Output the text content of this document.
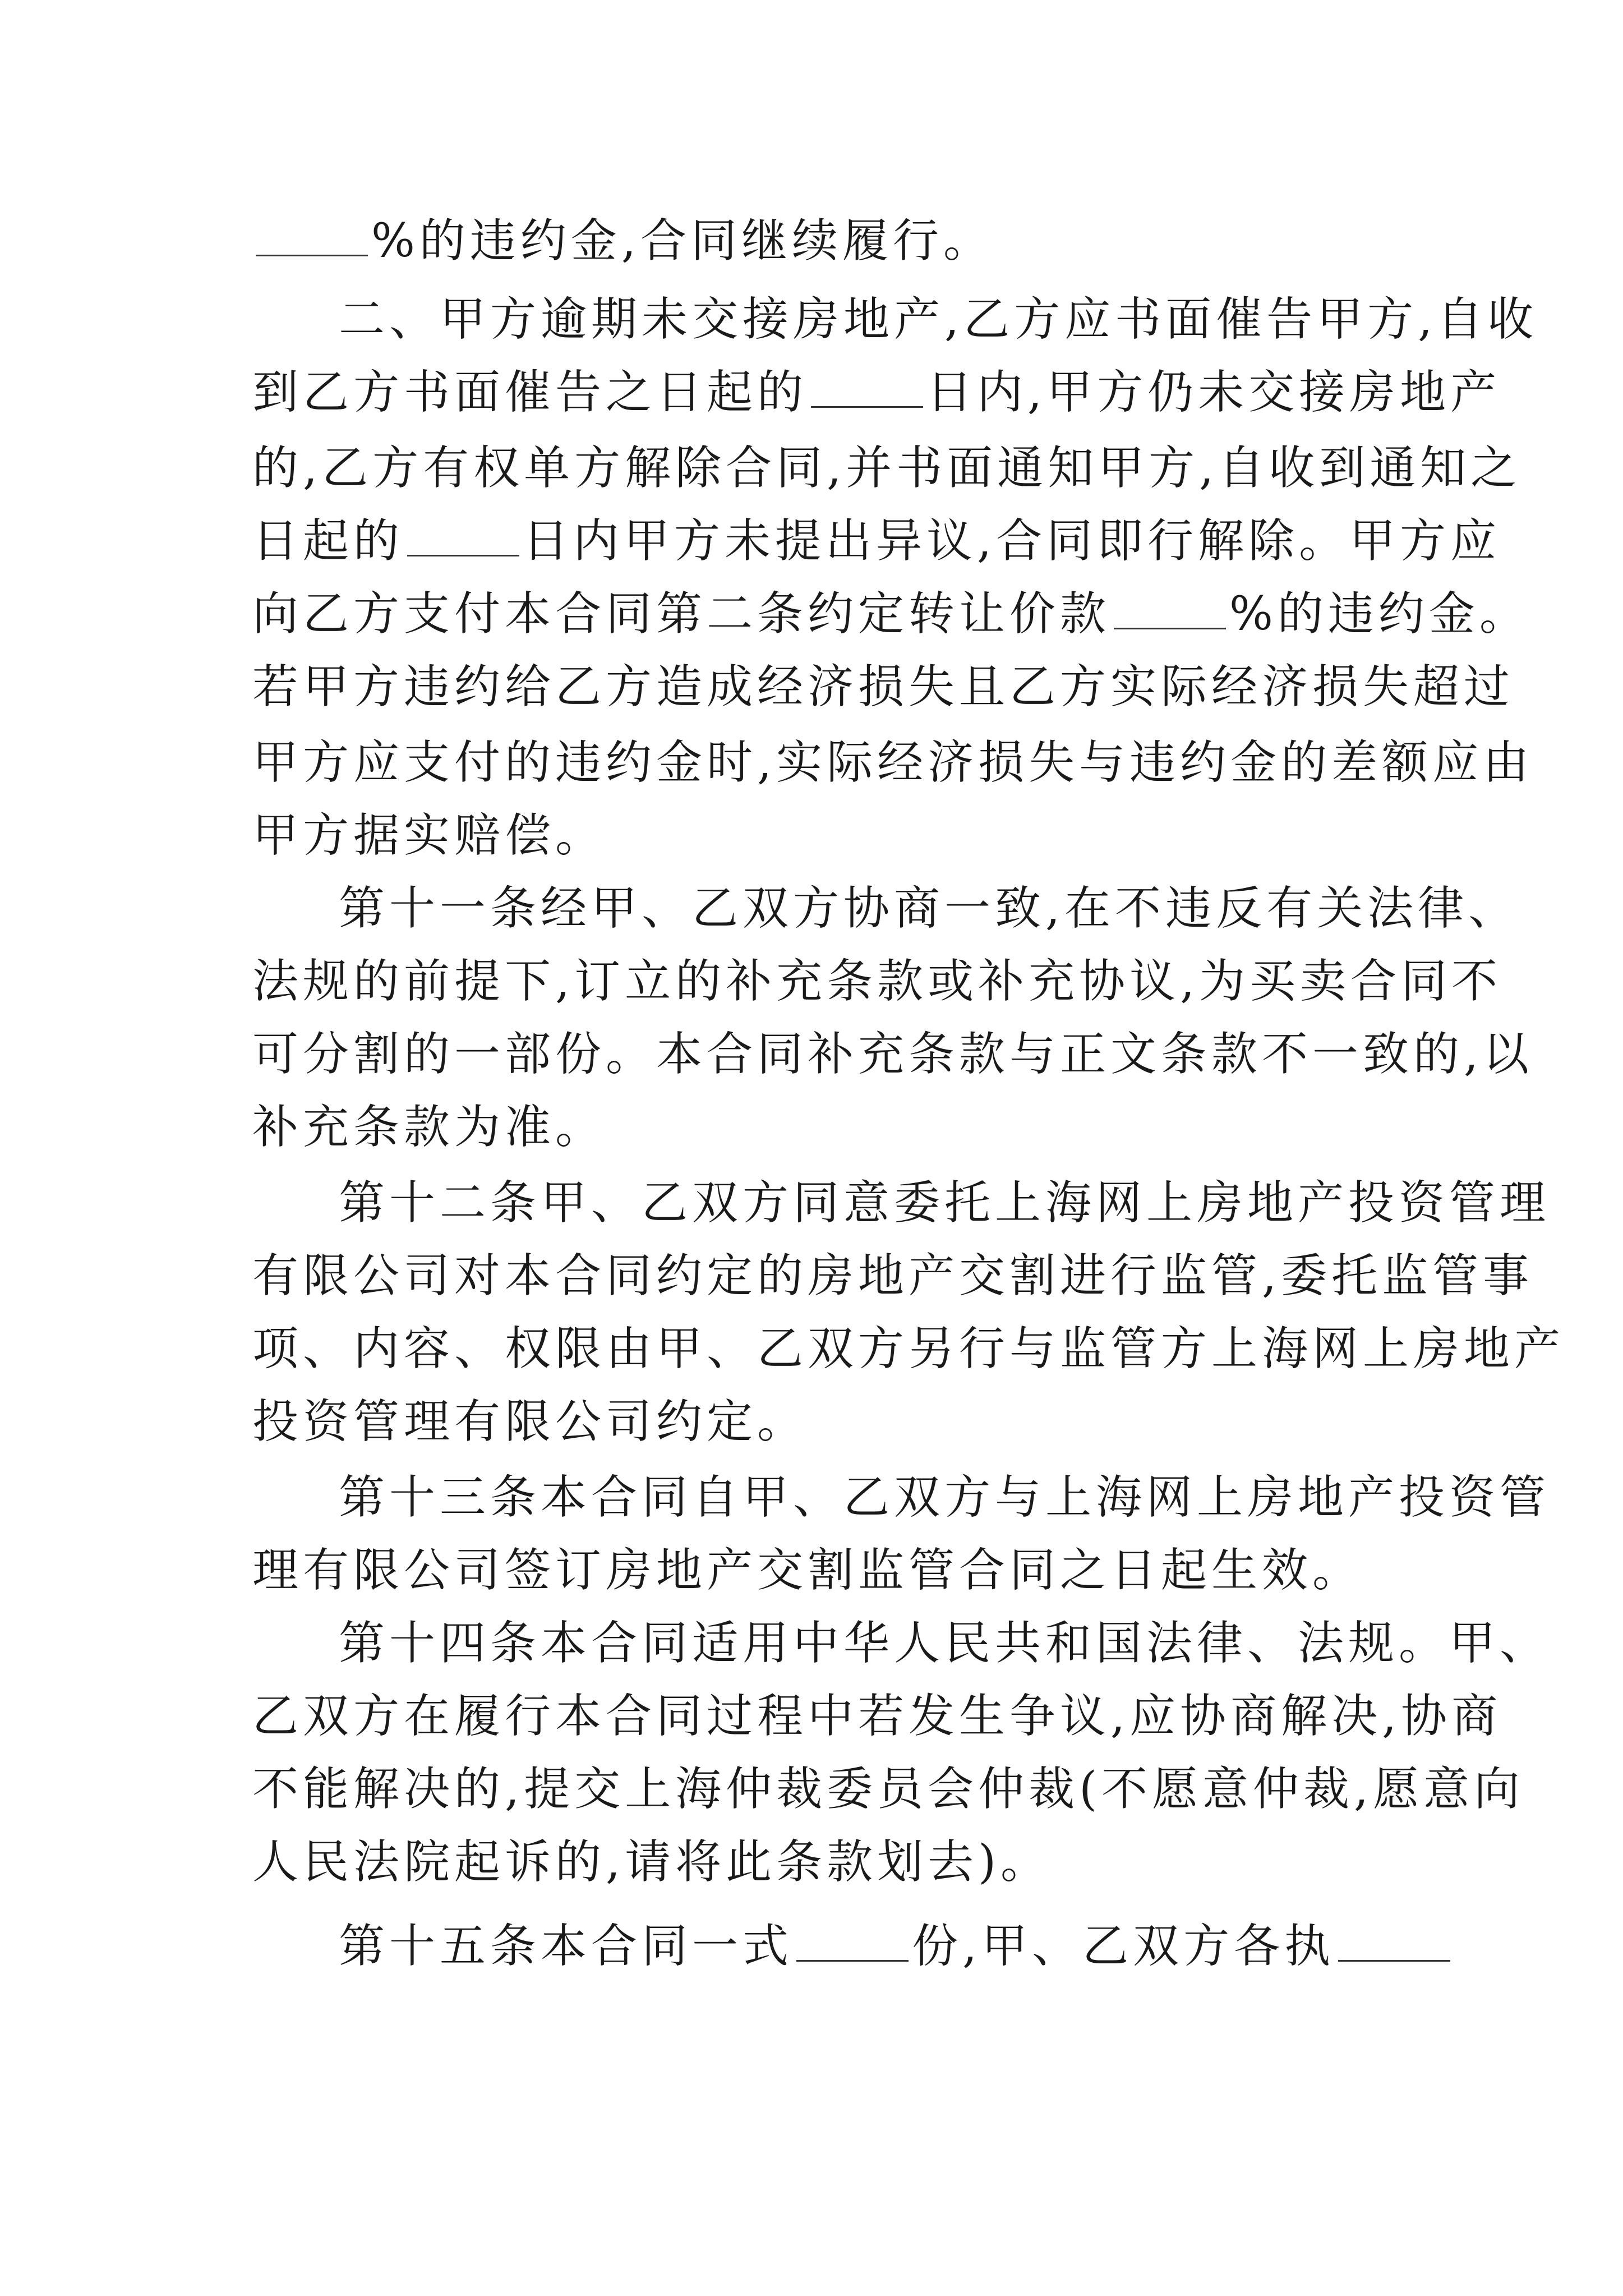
%的违约金,合同继续履行。
二、甲方逾期未交接房地产,乙方应书面催告甲方,自收
到乙方书面催告之日起的	日内,甲方仍未交接房地产
的,乙方有权单方解除合同,并书面通知甲方,自收到通知之
日起的	日内甲方未提出异议,合同即行解除。甲方应
向乙方支付本合同第二条约定转让价款	%的违约金。
若甲方违约给乙方造成经济损失且乙方实际经济损失超过
甲方应支付的违约金时,实际经济损失与违约金的差额应由
甲方据实赔偿。
第十一条经甲、乙双方协商一致,在不违反有关法律、
法规的前提下,订立的补充条款或补充协议,为买卖合同不
可分割的一部份。本合同补充条款与正文条款不一致的,以
补充条款为准。
第十二条甲、乙双方同意委托上海网上房地产投资管理
有限公司对本合同约定的房地产交割进行监管,委托监管事
项、内容、权限由甲、乙双方另行与监管方上海网上房地产
投资管理有限公司约定。
第十三条本合同自甲、乙双方与上海网上房地产投资管
理有限公司签订房地产交割监管合同之日起生效。
第十四条本合同适用中华人民共和国法律、法规。甲、
乙双方在履行本合同过程中若发生争议,应协商解决,协商
不能解决的,提交上海仲裁委员会仲裁(不愿意仲裁,愿意向
人民法院起诉的,请将此条款划去)。
第十五条本合同一式	份,甲、乙双方各执
